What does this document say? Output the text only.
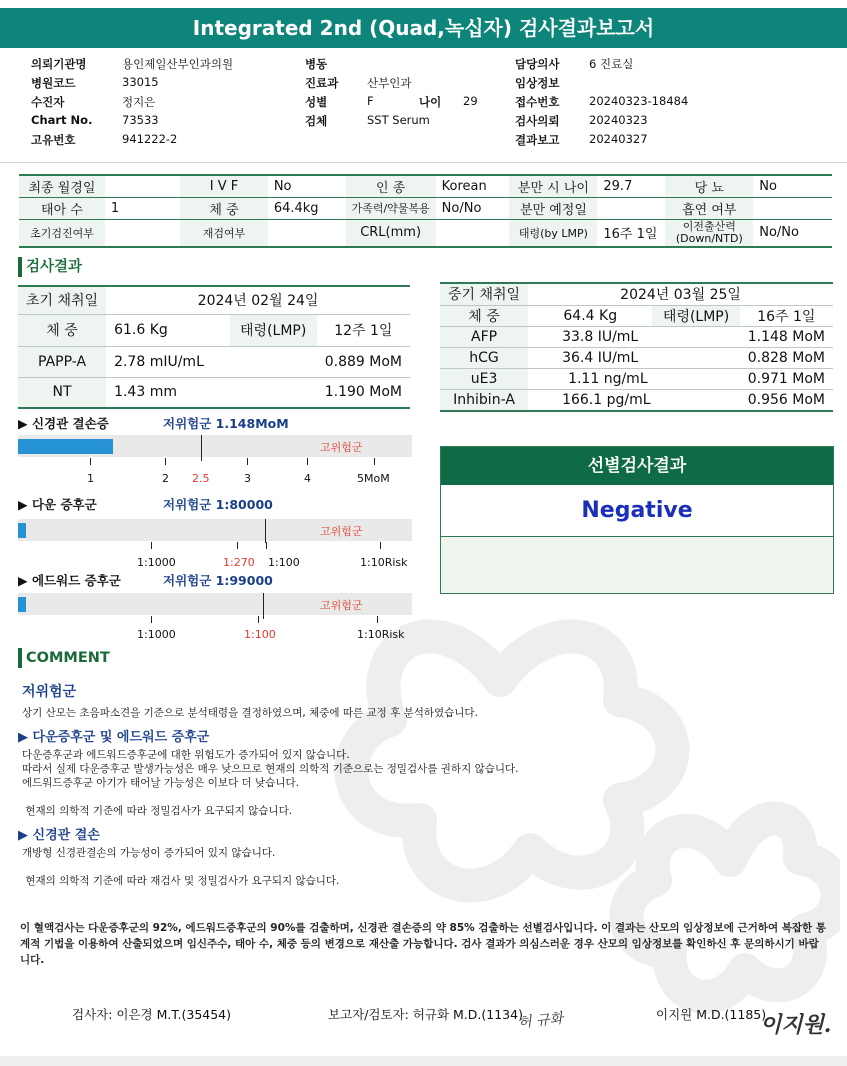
Integrated 2nd (Quad,녹십자) 검사결과보고서
의뢰기관명	용인제일산부인과의원
병원코드	33015
수진자	정지은
Chart No.	73533
고유번호	941222-2
병동
진료과 산부인과
성별	F	나이 29
검체	SST Serum
담당의사	6 진료실
임상정보
접수번호	20240323-18484
검사의뢰	20240323
결과보고	20240327
최종 월경일		I V F	No	인 종	Korean	분만 시 나이	29.7	당 뇨	No
태아 수	1	체 중	64.4kg	가족력/약물복용	No/No	분만 예정일		흡연 여부	
초기검진여부		재검여부		CRL(mm)		태령(by LMP)	16주 1일	이전출산력 (Down/NTD)	No/No
검사결과
초기 채취일	2024년 02월 24일		
체 중	61.6 Kg	태령(LMP)	12주 1일
PAPP-A	2.78 mIU/mL		0.889 MoM
NT	1.43 mm		1.190 MoM
중기 채취일	2024년 03월 25일		
체 중	64.4 Kg	태령(LMP)	16주 1일
AFP	33.8 IU/mL		1.148 MoM
hCG	36.4 IU/mL		0.828 MoM
uE3	1.11 ng/mL		0.971 MoM
Inhibin-A	166.1 pg/mL		0.956 MoM
▶ 신경관 결손증	저위험군 1.148MoM
고위험군
1	2 2.5	3	4	5MoM
▶ 다운 증후군	저위험군 1:80000
고위험군
1:1000	1:270 1:100	1:10Risk
▶ 에드워드 증후군	저위험군 1:99000
고위험군
1:1000	1:100	1:10Risk
선별검사결과
Negative
COMMENT
저위험군
상기 산모는 초음파소견을 기준으로 분석태령을 결정하였으며, 체중에 따른 교정 후 분석하였습니다.
▶ 다운증후군 및 에드워드 증후군
다운증후군과 에드워드증후군에 대한 위험도가 증가되어 있지 않습니다.
따라서 실제 다운증후군 발생가능성은 매우 낮으므로 현재의 의학적 기준으로는 정밀검사를 권하지 않습니다.
에드워드증후군 아기가 태어날 가능성은 이보다 더 낮습니다.
현재의 의학적 기준에 따라 정밀검사가 요구되지 않습니다.
▶ 신경관 결손
개방형 신경관결손의 가능성이 증가되어 있지 않습니다.
현재의 의학적 기준에 따라 재검사 및 정밀검사가 요구되지 않습니다.
이 혈액검사는 다운증후군의 92%, 에드워드증후군의 90%를 검출하며, 신경관 결손증의 약 85% 검출하는 선별검사입니다. 이 결과는 산모의 임상정보에 근거하여 복잡한 통계적 기법을 이용하여 산출되었으며 임신주수, 태아 수, 체중 등의 변경으로 재산출 가능합니다. 검사 결과가 의심스러운 경우 산모의 임상정보를 확인하신 후 문의하시기 바랍니다.
검사자: 이은경 M.T.(35454)	보고자/검토자: 허규화 M.D.(1134)
허 규화	이지원 M.D.(1185)
이지원.
